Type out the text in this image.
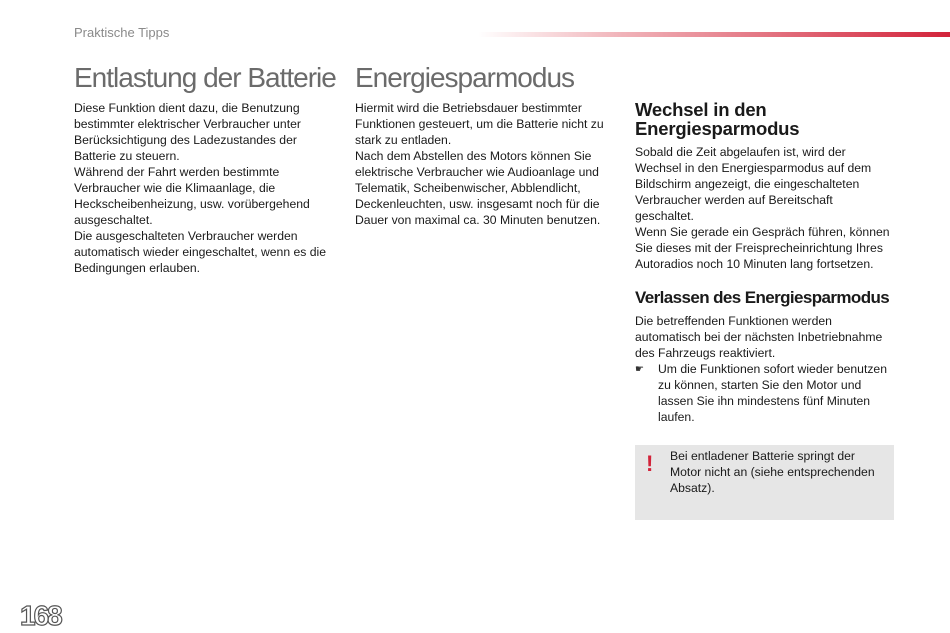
Praktische Tipps
Entlastung der Batterie

Diese Funktion dient dazu, die Benutzung bestimmter elektrischer Verbraucher unter Berücksichtigung des Ladezustandes der Batterie zu steuern.

Während der Fahrt werden bestimmte Verbraucher wie die Klimaanlage, die Heckscheibenheizung, usw. vorübergehend ausgeschaltet.

Die ausgeschalteten Verbraucher werden automatisch wieder eingeschaltet, wenn es die Bedingungen erlauben.

Energiesparmodus

Hiermit wird die Betriebsdauer bestimmter Funktionen gesteuert, um die Batterie nicht zu stark zu entladen.

Nach dem Abstellen des Motors können Sie elektrische Verbraucher wie Audioanlage und Telematik, Scheibenwischer, Abblendlicht, Deckenleuchten, usw. insgesamt noch für die Dauer von maximal ca. 30 Minuten benutzen.

Wechsel in den Energiesparmodus

Sobald die Zeit abgelaufen ist, wird der Wechsel in den Energiesparmodus auf dem Bildschirm angezeigt, die eingeschalteten Verbraucher werden auf Bereitschaft geschaltet.

Wenn Sie gerade ein Gespräch führen, können Sie dieses mit der Freisprecheinrichtung Ihres Autoradios noch 10 Minuten lang fortsetzen.

Verlassen des Energiesparmodus

Die betreffenden Funktionen werden automatisch bei der nächsten Inbetriebnahme des Fahrzeugs reaktiviert.

☛	Um die Funktionen sofort wieder benutzen zu können, starten Sie den Motor und lassen Sie ihn mindestens fünf Minuten laufen.
! Bei entladener Batterie springt der Motor nicht an (siehe entsprechenden Absatz).
168
